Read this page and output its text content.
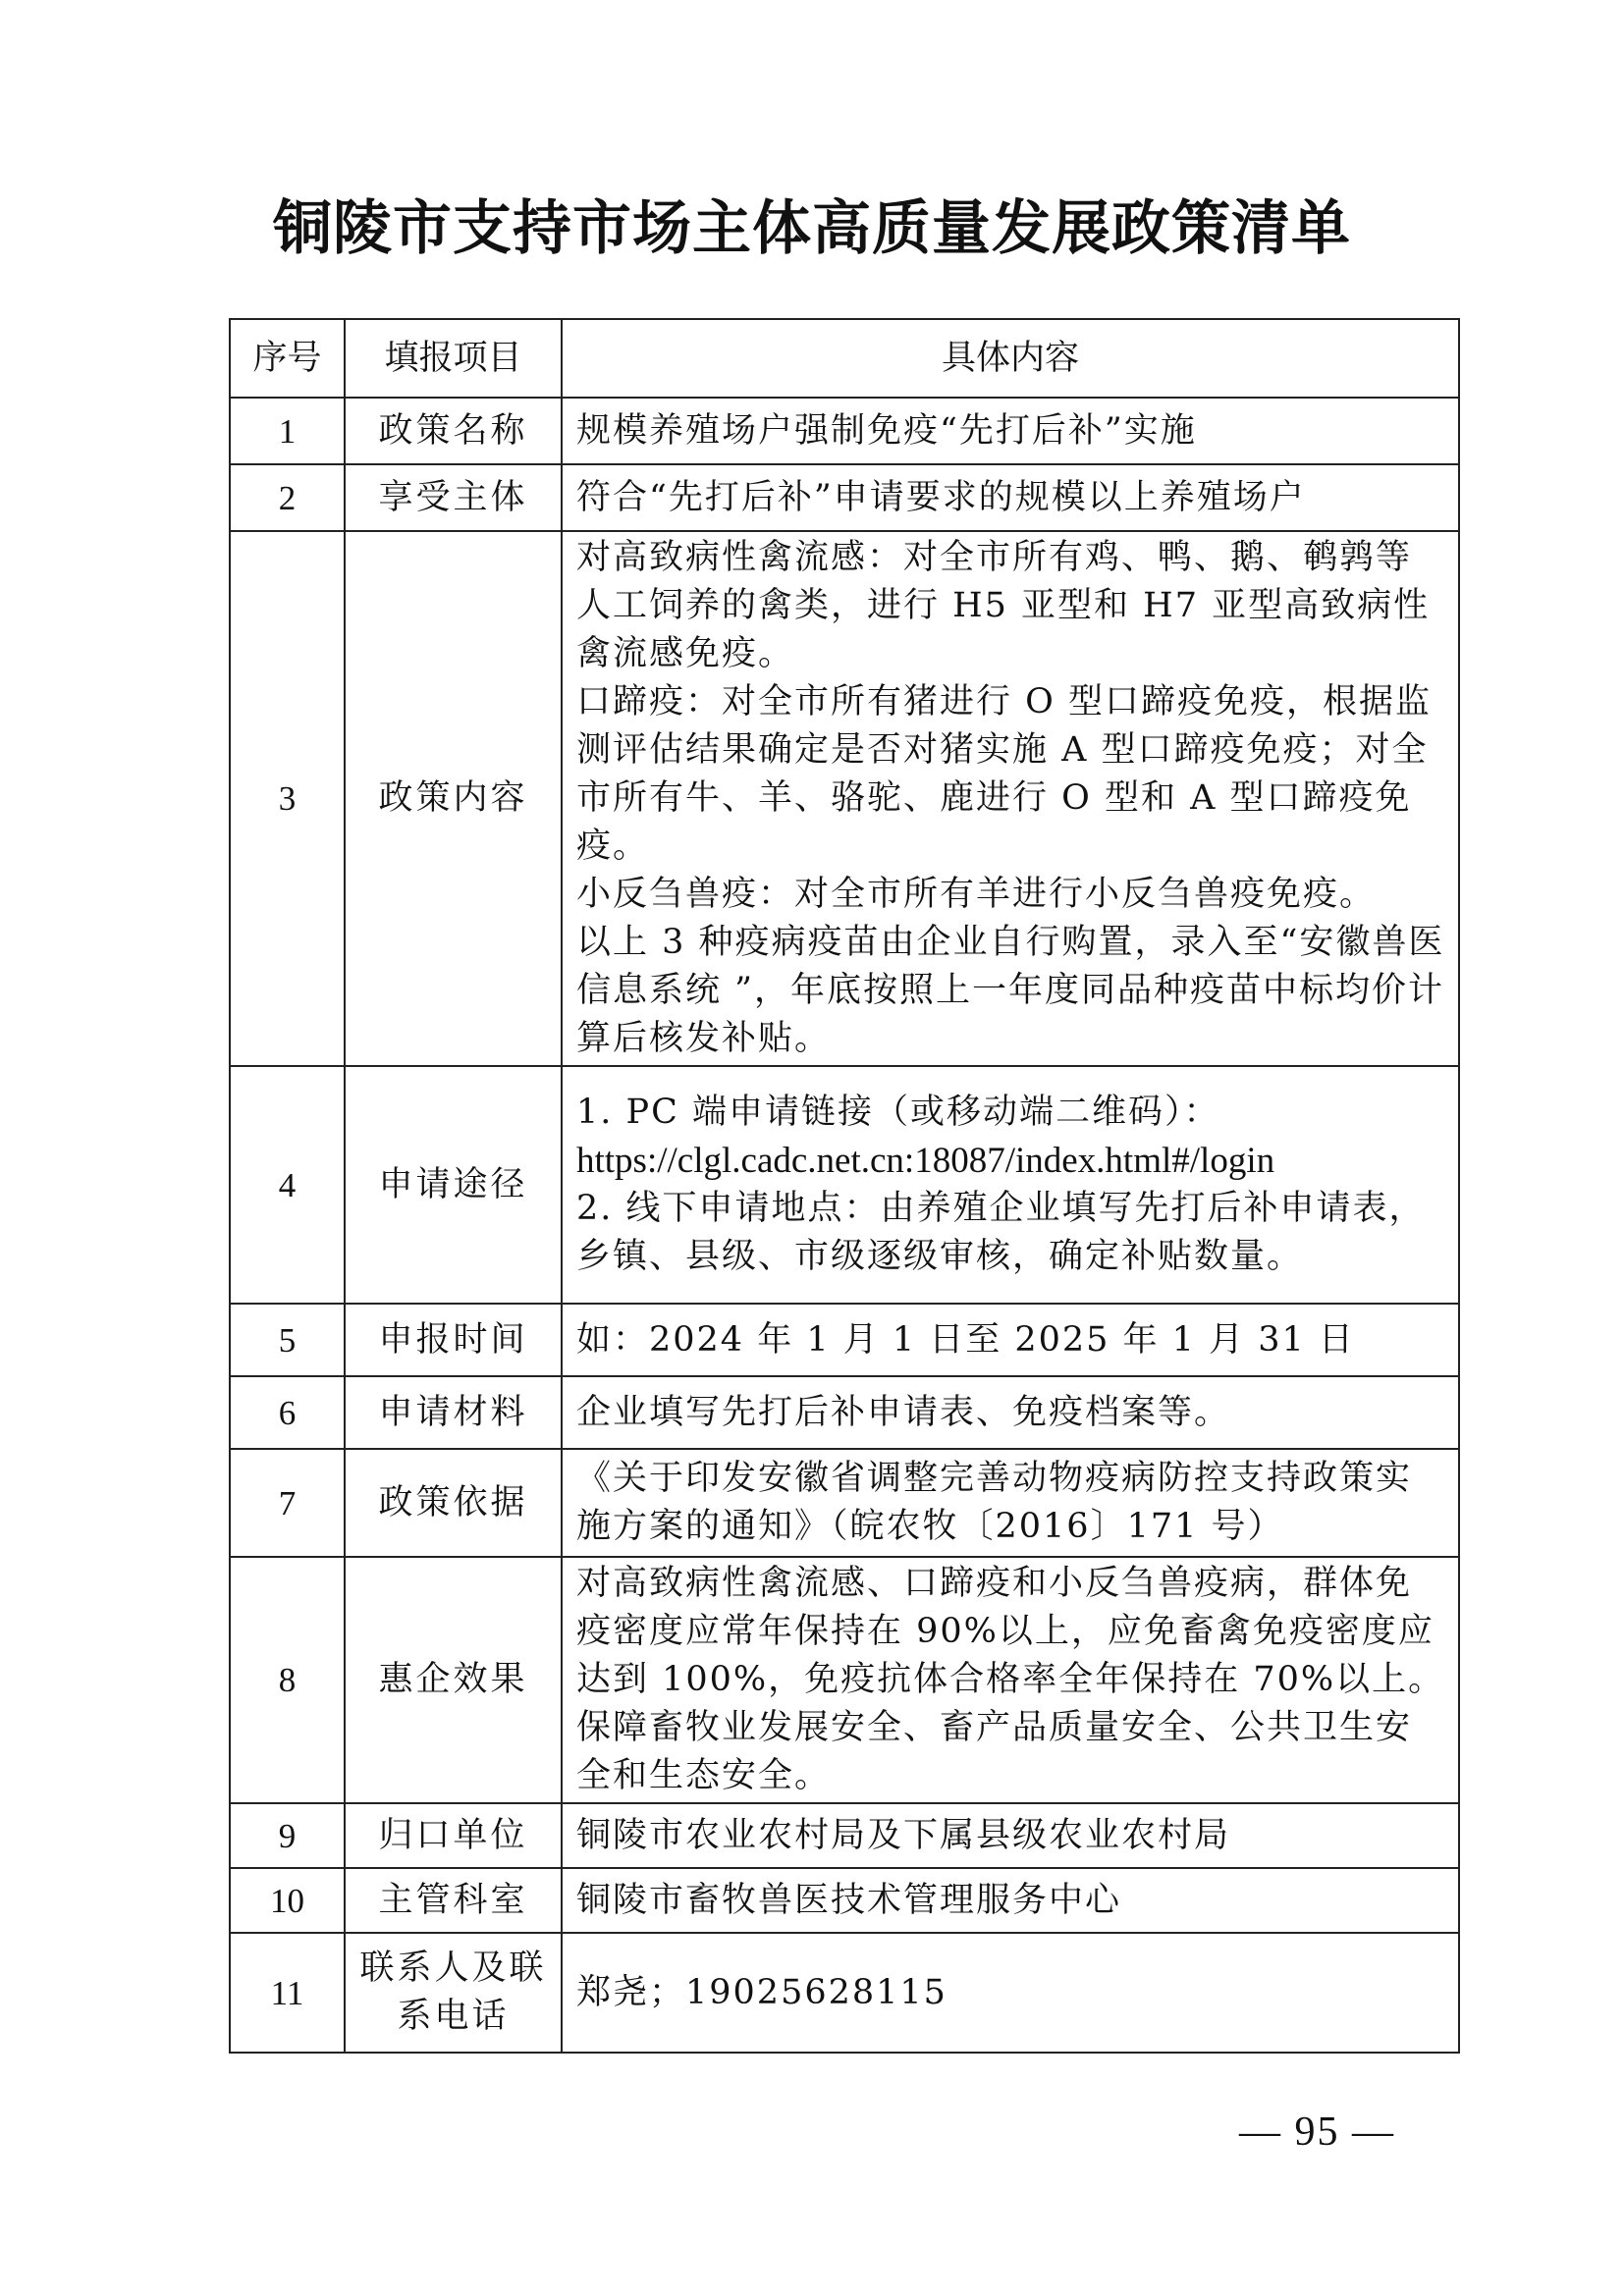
铜陵市支持市场主体高质量发展政策清单
序号	填报项目	具体内容
1	政策名称	规模养殖场户强制免疫“先打后补”实施

2	享受主体	符合“先打后补”申请要求的规模以上养殖场户

3	政策内容	对高致病性禽流感：对全市所有鸡、鸭、鹅、鹌鹑等人工饲养的禽类，进行 H5 亚型和 H7 亚型高致病性禽流感免疫。
口蹄疫：对全市所有猪进行 O 型口蹄疫免疫，根据监测评估结果确定是否对猪实施 A 型口蹄疫免疫；对全市所有牛、羊、骆驼、鹿进行 O 型和 A 型口蹄疫免疫。
小反刍兽疫：对全市所有羊进行小反刍兽疫免疫。
以上 3 种疫病疫苗由企业自行购置，录入至“安徽兽医信息系统 ”，年底按照上一年度同品种疫苗中标均价计算后核发补贴。

4	申请途径	1. PC 端申请链接（或移动端二维码）：
https://clgl.cadc.net.cn:18087/index.html#/login
2. 线下申请地点：由养殖企业填写先打后补申请表，乡镇、县级、市级逐级审核，确定补贴数量。

5	申报时间	如：2024 年 1 月 1 日至 2025 年 1 月 31 日

6	申请材料	企业填写先打后补申请表、免疫档案等。

7	政策依据	《关于印发安徽省调整完善动物疫病防控支持政策实施方案的通知》（皖农牧〔2016〕171 号）

8	惠企效果	对高致病性禽流感、口蹄疫和小反刍兽疫病，群体免疫密度应常年保持在 90%以上，应免畜禽免疫密度应达到 100%，免疫抗体合格率全年保持在 70%以上。保障畜牧业发展安全、畜产品质量安全、公共卫生安全和生态安全。

9	归口单位	铜陵市农业农村局及下属县级农业农村局

10	主管科室	铜陵市畜牧兽医技术管理服务中心

11	联系人及联系电话	郑尧；19025628115
— 95 —
